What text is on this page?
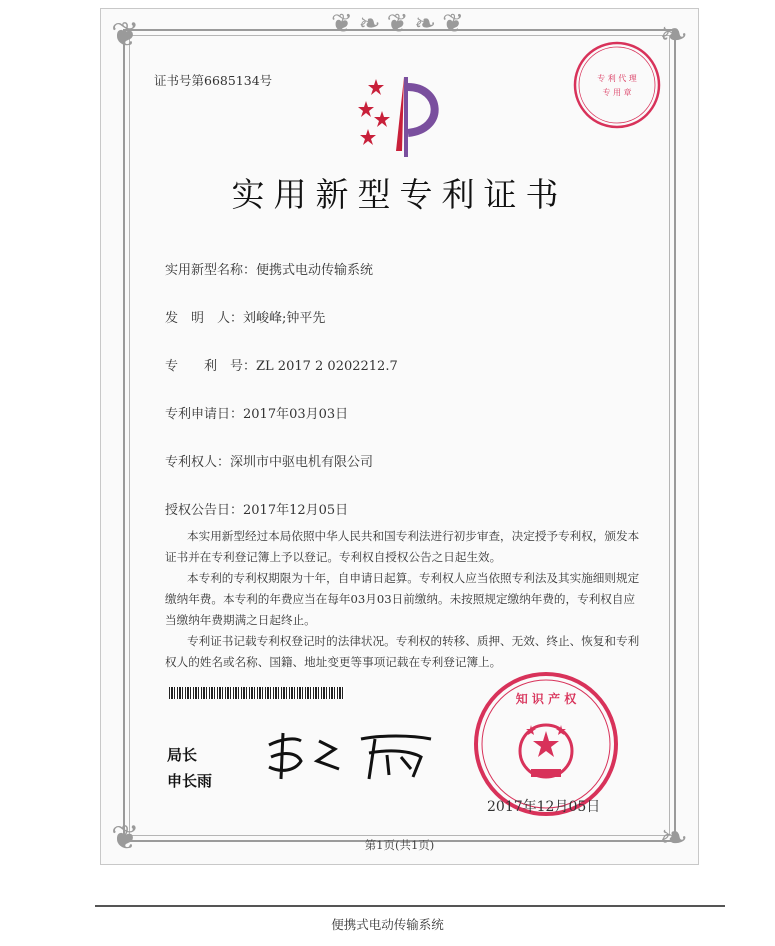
❦❧❦❧❦
❦	❧
❦	❧
证书号第6685134号	专 利 代 理
专 用 章
实用新型专利证书
实用新型名称：便携式电动传输系统
发　明　人：刘峻峰;钟平先
专　　利　号：ZL 2017 2 0202212.7
专利申请日：2017年03月03日
专利权人：深圳市中驱电机有限公司
授权公告日：2017年12月05日
本实用新型经过本局依照中华人民共和国专利法进行初步审查，决定授予专利权，颁发本证书并在专利登记簿上予以登记。专利权自授权公告之日起生效。
本专利的专利权期限为十年，自申请日起算。专利权人应当依照专利法及其实施细则规定缴纳年费。本专利的年费应当在每年03月03日前缴纳。未按照规定缴纳年费的，专利权自应当缴纳年费期满之日起终止。
专利证书记载专利权登记时的法律状况。专利权的转移、质押、无效、终止、恢复和专利权人的姓名或名称、国籍、地址变更等事项记载在专利登记簿上。
局长
申长雨
知 识 产 权
2017年12月05日
第1页(共1页)
便携式电动传输系统
